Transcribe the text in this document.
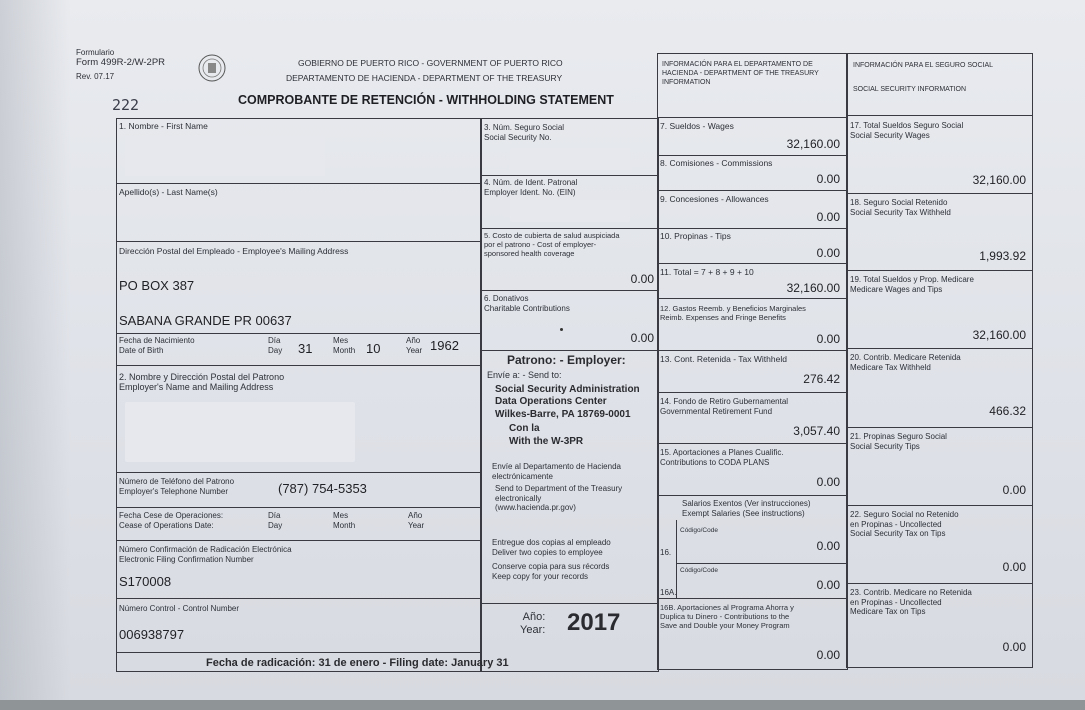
Formulario
Form 499R-2/W-2PR
Rev. 07.17
222
GOBIERNO DE PUERTO RICO - GOVERNMENT OF PUERTO RICO
DEPARTAMENTO DE HACIENDA - DEPARTMENT OF THE TREASURY
COMPROBANTE DE RETENCIÓN - WITHHOLDING STATEMENT
INFORMACIÓN PARA EL DEPARTAMENTO DE
HACIENDA - DEPARTMENT OF THE TREASURY
INFORMATION
INFORMACIÓN PARA EL SEGURO SOCIAL
SOCIAL SECURITY INFORMATION
1. Nombre - First Name
Apellido(s) - Last Name(s)
Dirección Postal del Empleado - Employee's Mailing Address
PO BOX 387
SABANA GRANDE PR 00637
Fecha de Nacimiento
Date of Birth
Día
Day 31
Mes
Month 10
Año
Year 1962
2. Nombre y Dirección Postal del Patrono
Employer's Name and Mailing Address
Número de Teléfono del Patrono
Employer's Telephone Number	(787) 754-5353
Fecha Cese de Operaciones:
Cease of Operations Date:
Día
Day
Mes
Month
Año
Year
Número Confirmación de Radicación Electrónica
Electronic Filing Confirmation Number
S170008
Número Control - Control Number
006938797
Fecha de radicación: 31 de enero - Filing date: January 31
3. Núm. Seguro Social
Social Security No.
4. Núm. de Ident. Patronal
Employer Ident. No. (EIN)
5. Costo de cubierta de salud auspiciada
por el patrono - Cost of employer-
sponsored health coverage
0.00
6. Donativos
Charitable Contributions
0.00
Patrono: - Employer:
Envíe a: - Send to:
Social Security Administration
Data Operations Center
Wilkes-Barre, PA 18769-0001
Con la
With the W-3PR
Envíe al Departamento de Hacienda
electrónicamente
Send to Department of the Treasury
electronically
(www.hacienda.pr.gov)
Entregue dos copias al empleado
Deliver two copies to employee
Conserve copia para sus récords
Keep copy for your records
Año:
Year: 2017
7. Sueldos - Wages
32,160.00
8. Comisiones - Commissions
0.00
9. Concesiones - Allowances
0.00
10. Propinas - Tips
0.00
11. Total = 7 + 8 + 9 + 10
32,160.00
12. Gastos Reemb. y Beneficios Marginales
Reimb. Expenses and Fringe Benefits
0.00
13. Cont. Retenida - Tax Withheld
276.42
14. Fondo de Retiro Gubernamental
Governmental Retirement Fund
3,057.40
15. Aportaciones a Planes Cualific.
Contributions to CODA PLANS
0.00
Salarios Exentos (Ver instrucciones)
Exempt Salaries (See instructions)
Código/Code
16.	0.00
Código/Code
16A.
0.00
16B. Aportaciones al Programa Ahorra y
Duplica tu Dinero - Contributions to the
Save and Double your Money Program
0.00
17. Total Sueldos Seguro Social
Social Security Wages
32,160.00
18. Seguro Social Retenido
Social Security Tax Withheld
1,993.92
19. Total Sueldos y Prop. Medicare
Medicare Wages and Tips
32,160.00
20. Contrib. Medicare Retenida
Medicare Tax Withheld
466.32
21. Propinas Seguro Social
Social Security Tips
0.00
22. Seguro Social no Retenido
en Propinas - Uncollected
Social Security Tax on Tips
0.00
23. Contrib. Medicare no Retenida
en Propinas - Uncollected
Medicare Tax on Tips
0.00
